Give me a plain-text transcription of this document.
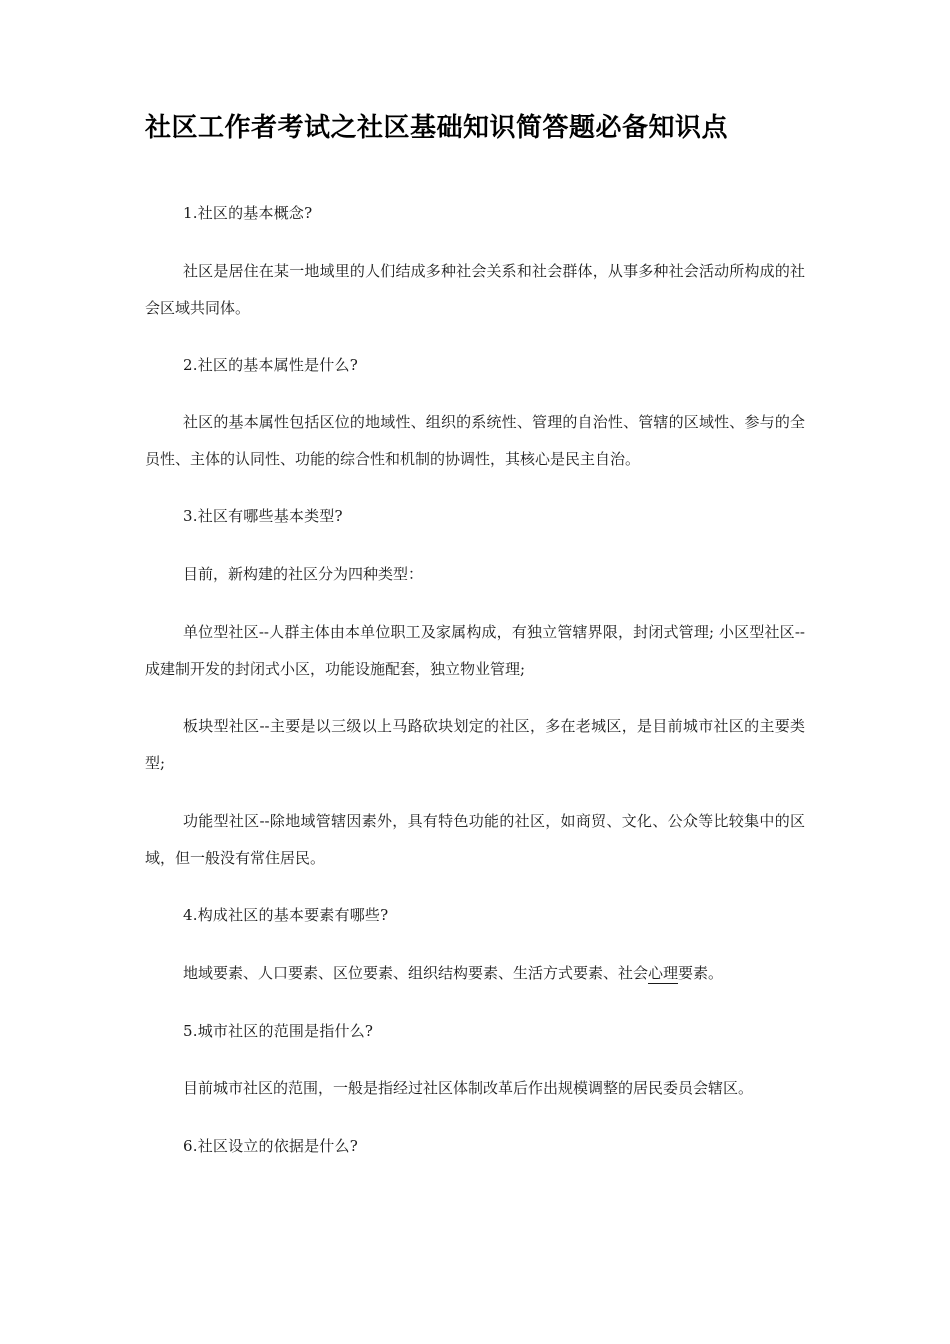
社区工作者考试之社区基础知识简答题必备知识点

1.社区的基本概念?

社区是居住在某一地域里的人们结成多种社会关系和社会群体，从事多种社会活动所构成的社会区域共同体。

2.社区的基本属性是什么?

社区的基本属性包括区位的地域性、组织的系统性、管理的自治性、管辖的区域性、参与的全员性、主体的认同性、功能的综合性和机制的协调性，其核心是民主自治。

3.社区有哪些基本类型?

目前，新构建的社区分为四种类型：

单位型社区--人群主体由本单位职工及家属构成，有独立管辖界限，封闭式管理; 小区型社区--成建制开发的封闭式小区，功能设施配套，独立物业管理;

板块型社区--主要是以三级以上马路砍块划定的社区，多在老城区，是目前城市社区的主要类型;

功能型社区--除地域管辖因素外，具有特色功能的社区，如商贸、文化、公众等比较集中的区域，但一般没有常住居民。

4.构成社区的基本要素有哪些?

地域要素、人口要素、区位要素、组织结构要素、生活方式要素、社会心理要素。

5.城市社区的范围是指什么?

目前城市社区的范围，一般是指经过社区体制改革后作出规模调整的居民委员会辖区。

6.社区设立的依据是什么?
